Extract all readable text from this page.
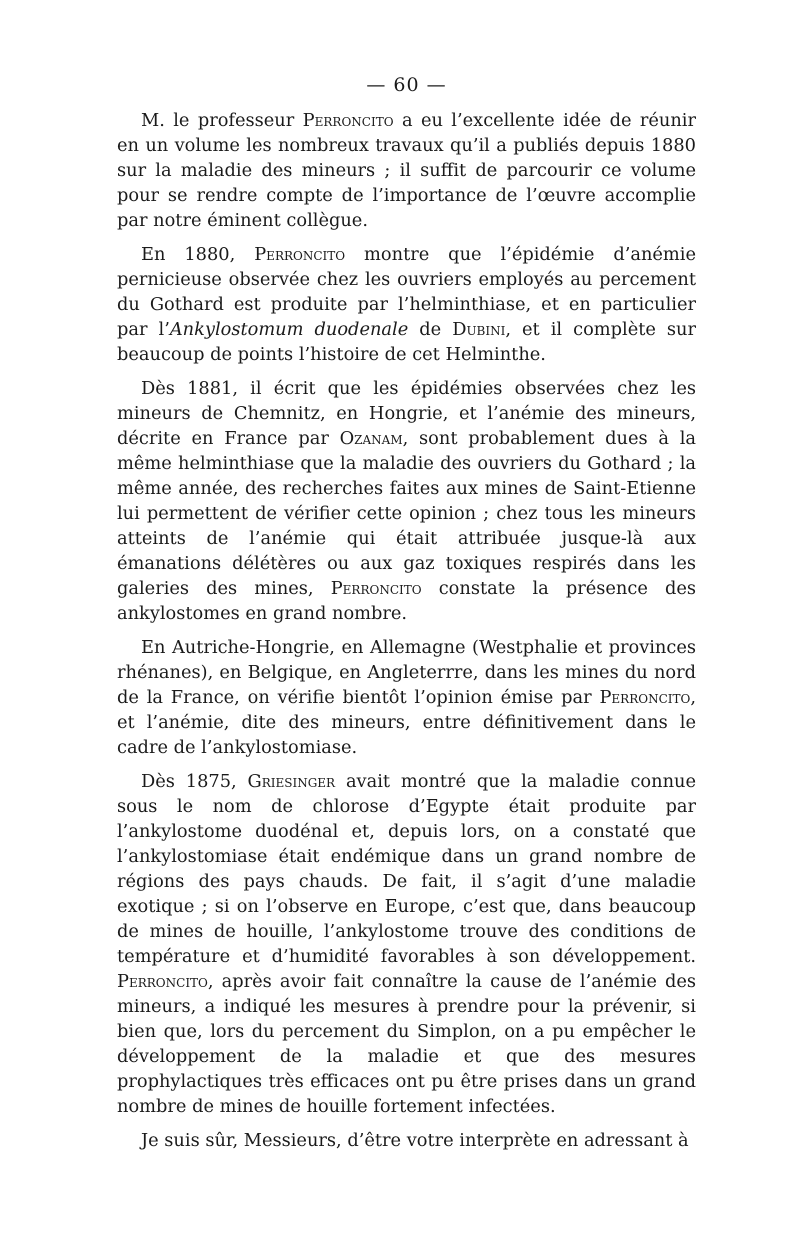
— 60 —

M. le professeur Perroncito a eu l’excellente idée de réunir en un volume les nombreux travaux qu’il a publiés depuis 1880 sur la maladie des mineurs ; il suffit de parcourir ce volume pour se rendre compte de l’importance de l’œuvre accomplie par notre éminent collègue.

En 1880, Perroncito montre que l’épidémie d’anémie pernicieuse observée chez les ouvriers employés au percement du Gothard est produite par l’helminthiase, et en particulier par l’Ankylostomum duodenale de Dubini, et il complète sur beaucoup de points l’histoire de cet Helminthe.

Dès 1881, il écrit que les épidémies observées chez les mineurs de Chemnitz, en Hongrie, et l’anémie des mineurs, décrite en France par Ozanam, sont probablement dues à la même helminthiase que la maladie des ouvriers du Gothard ; la même année, des recherches faites aux mines de Saint-Etienne lui permettent de vérifier cette opinion ; chez tous les mineurs atteints de l’anémie qui était attribuée jusque-là aux émanations délétères ou aux gaz toxiques respirés dans les galeries des mines, Perroncito constate la présence des ankylostomes en grand nombre.

En Autriche-Hongrie, en Allemagne (Westphalie et provinces rhénanes), en Belgique, en Angleterrre, dans les mines du nord de la France, on vérifie bientôt l’opinion émise par Perroncito, et l’anémie, dite des mineurs, entre définitivement dans le cadre de l’ankylostomiase.

Dès 1875, Griesinger avait montré que la maladie connue sous le nom de chlorose d’Egypte était produite par l’ankylostome duodénal et, depuis lors, on a constaté que l’ankylostomiase était endémique dans un grand nombre de régions des pays chauds. De fait, il s’agit d’une maladie exotique ; si on l’observe en Europe, c’est que, dans beaucoup de mines de houille, l’ankylostome trouve des conditions de température et d’humidité favorables à son développement. Perroncito, après avoir fait connaître la cause de l’anémie des mineurs, a indiqué les mesures à prendre pour la prévenir, si bien que, lors du percement du Simplon, on a pu empêcher le développement de la maladie et que des mesures prophylactiques très efficaces ont pu être prises dans un grand nombre de mines de houille fortement infectées.

Je suis sûr, Messieurs, d’être votre interprète en adressant à
